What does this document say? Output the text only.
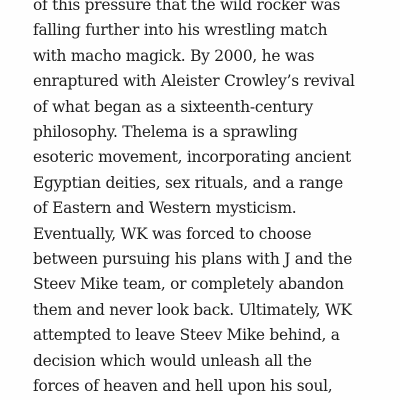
of this pressure that the wild rocker was
falling further into his wrestling match
with macho magick. By 2000, he was
enraptured with Aleister Crowley’s revival
of what began as a sixteenth-century
philosophy. Thelema is a sprawling
esoteric movement, incorporating ancient
Egyptian deities, sex rituals, and a range
of Eastern and Western mysticism.
Eventually, WK was forced to choose
between pursuing his plans with J and the
Steev Mike team, or completely abandon
them and never look back. Ultimately, WK
attempted to leave Steev Mike behind, a
decision which would unleash all the
forces of heaven and hell upon his soul,
